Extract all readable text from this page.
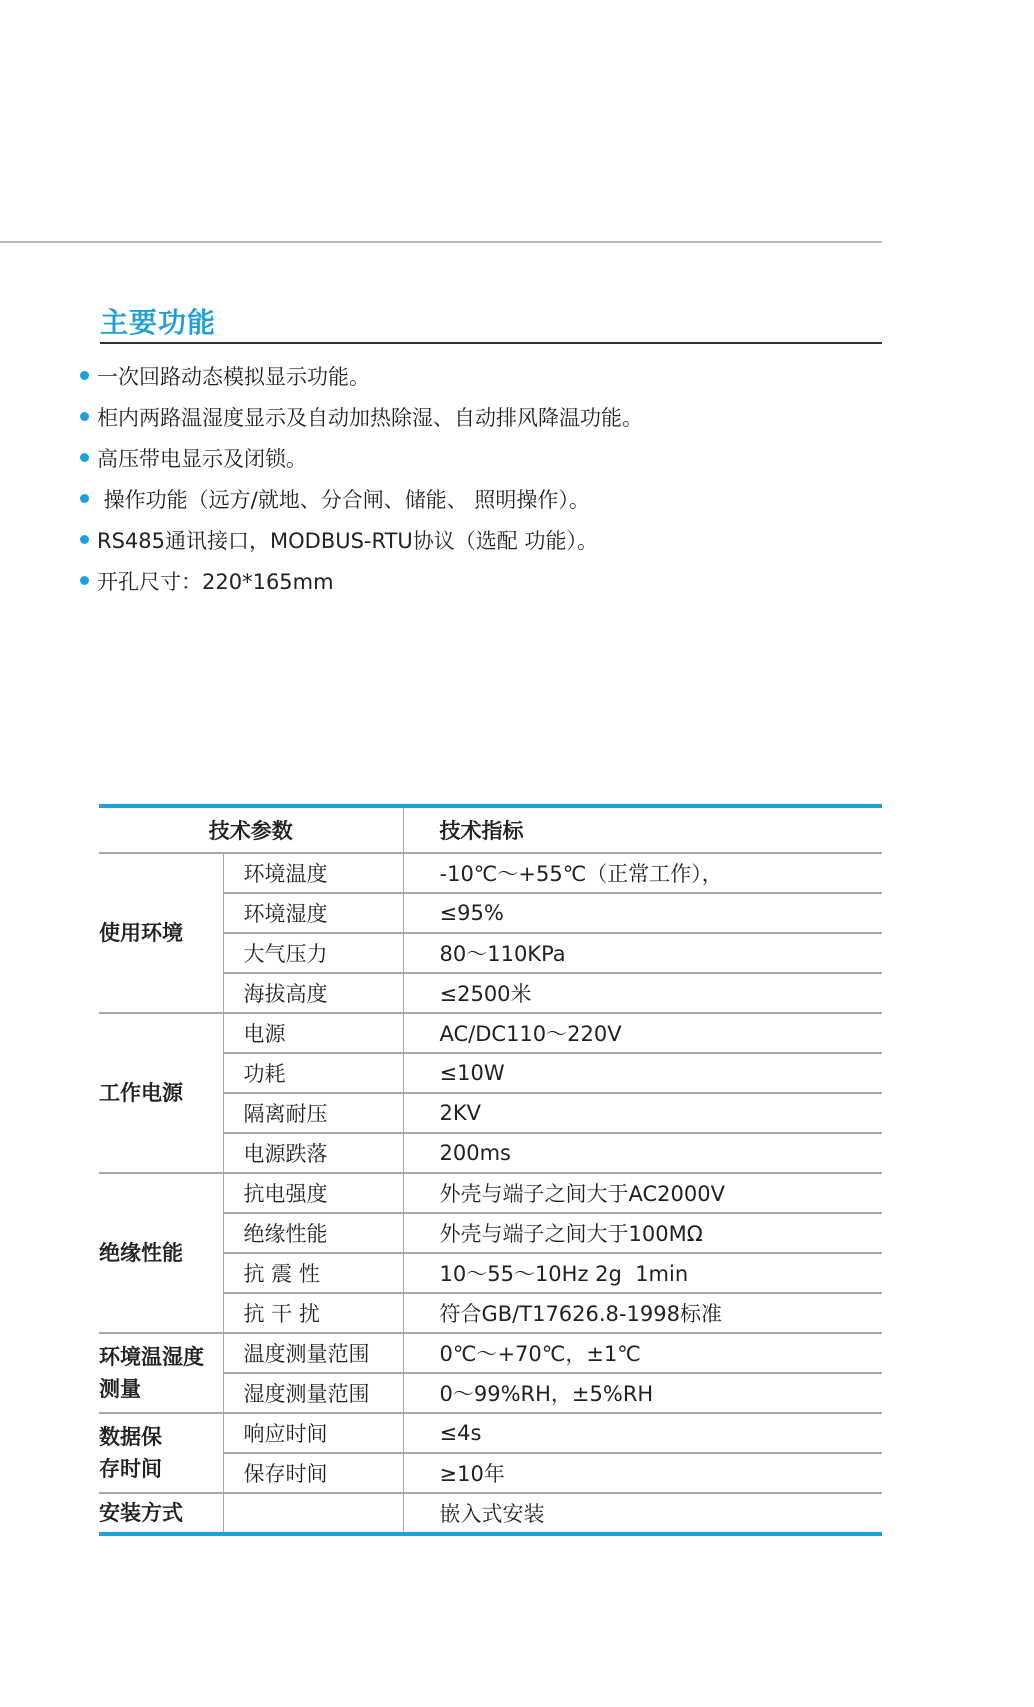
主要功能
一次回路动态模拟显示功能。
柜内两路温湿度显示及自动加热除湿、自动排风降温功能。
高压带电显示及闭锁。
操作功能（远方/就地、分合闸、储能、 照明操作）。
RS485通讯接口，MODBUS-RTU协议（选配 功能）。
开孔尺寸：220*165mm
技术参数		技术指标
使用环境	环境温度	-10℃～+55℃（正常工作），
	环境湿度	≤95%
	大气压力	80～110KPa
	海拔高度	≤2500米
工作电源	电源	AC/DC110～220V
	功耗	≤10W
	隔离耐压	2KV
	电源跌落	200ms
绝缘性能	抗电强度	外壳与端子之间大于AC2000V
	绝缘性能	外壳与端子之间大于100MΩ
	抗 震 性	10～55～10Hz 2g  1min
	抗 干 扰	符合GB/T17626.8-1998标准

环境温湿度
测量	温度测量范围	0℃～+70℃，±1℃
	湿度测量范围	0～99%RH，±5%RH

数据保
存时间	响应时间	≤4s
	保存时间	≥10年
安装方式		嵌入式安装
